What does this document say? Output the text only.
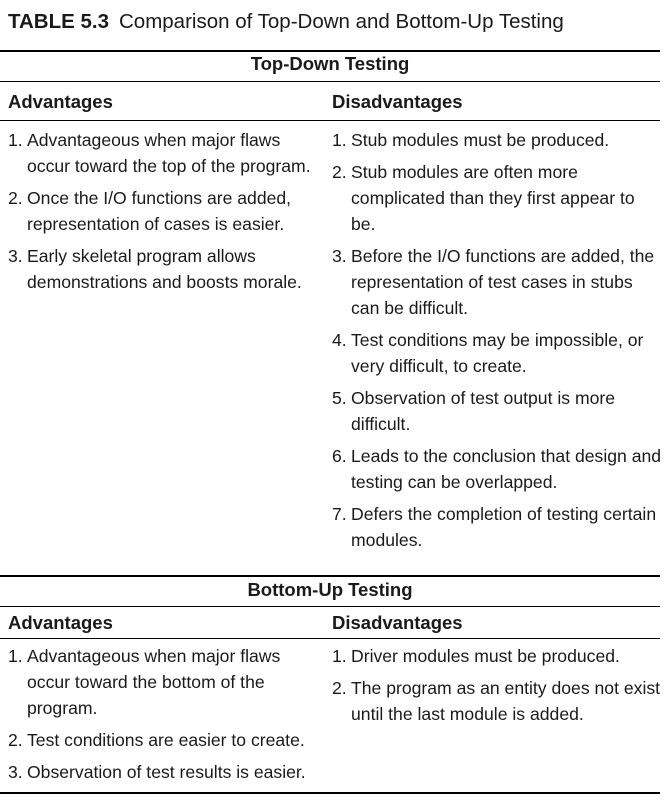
TABLE 5.3 Comparison of Top-Down and Bottom-Up Testing
Top-Down Testing
Advantages	Disadvantages
1. Advantageous when major flaws occur toward the top of the program.
2. Once the I/O functions are added, representation of cases is easier.
3. Early skeletal program allows demonstrations and boosts morale.
1. Stub modules must be produced.
2. Stub modules are often more complicated than they first appear to be.
3. Before the I/O functions are added, the representation of test cases in stubs can be difficult.
4. Test conditions may be impossible, or very difficult, to create.
5. Observation of test output is more difficult.
6. Leads to the conclusion that design and testing can be overlapped.
7. Defers the completion of testing certain modules.
Bottom-Up Testing
Advantages	Disadvantages
1. Advantageous when major flaws occur toward the bottom of the program.
2. Test conditions are easier to create.
3. Observation of test results is easier.
1. Driver modules must be produced.
2. The program as an entity does not exist until the last module is added.
